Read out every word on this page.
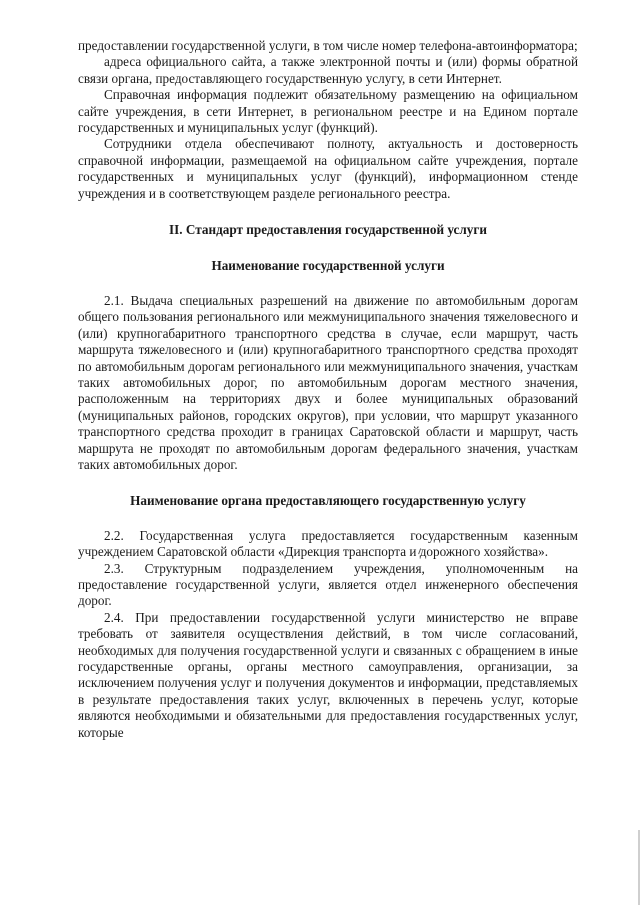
предоставлении государственной услуги, в том числе номер телефона-автоинформатора;

адреса официального сайта, а также электронной почты и (или) формы обратной связи органа, предоставляющего государственную услугу, в сети Интернет.

Справочная информация подлежит обязательному размещению на официальном сайте учреждения, в сети Интернет, в региональном реестре и на Едином портале государственных и муниципальных услуг (функций).

Сотрудники отдела обеспечивают полноту, актуальность и достоверность справочной информации, размещаемой на официальном сайте учреждения, портале государственных и муниципальных услуг (функций), информационном стенде учреждения и в соответствующем разделе регионального реестра.

II. Стандарт предоставления государственной услуги

Наименование государственной услуги

2.1. Выдача специальных разрешений на движение по автомобильным дорогам общего пользования регионального или межмуниципального значения тяжеловесного и (или) крупногабаритного транспортного средства в случае, если маршрут, часть маршрута тяжеловесного и (или) крупногабаритного транспортного средства проходят по автомобильным дорогам регионального или межмуниципального значения, участкам таких автомобильных дорог, по автомобильным дорогам местного значения, расположенным на территориях двух и более муниципальных образований (муниципальных районов, городских округов), при условии, что маршрут указанного транспортного средства проходит в границах Саратовской области и маршрут, часть маршрута не проходят по автомобильным дорогам федерального значения, участкам таких автомобильных дорог.

Наименование органа предоставляющего государственную услугу

2.2. Государственная услуга предоставляется государственным казенным учреждением Саратовской области «Дирекция транспорта и дорожного хозяйства».

2.3. Структурным подразделением учреждения, уполномоченным на предоставление государственной услуги, является отдел инженерного обеспечения дорог.

2.4. При предоставлении государственной услуги министерство не вправе требовать от заявителя осуществления действий, в том числе согласований, необходимых для получения государственной услуги и связанных с обращением в иные государственные органы, органы местного самоуправления, организации, за исключением получения услуг и получения документов и информации, представляемых в результате предоставления таких услуг, включенных в перечень услуг, которые являются необходимыми и обязательными для предоставления государственных услуг, которые
